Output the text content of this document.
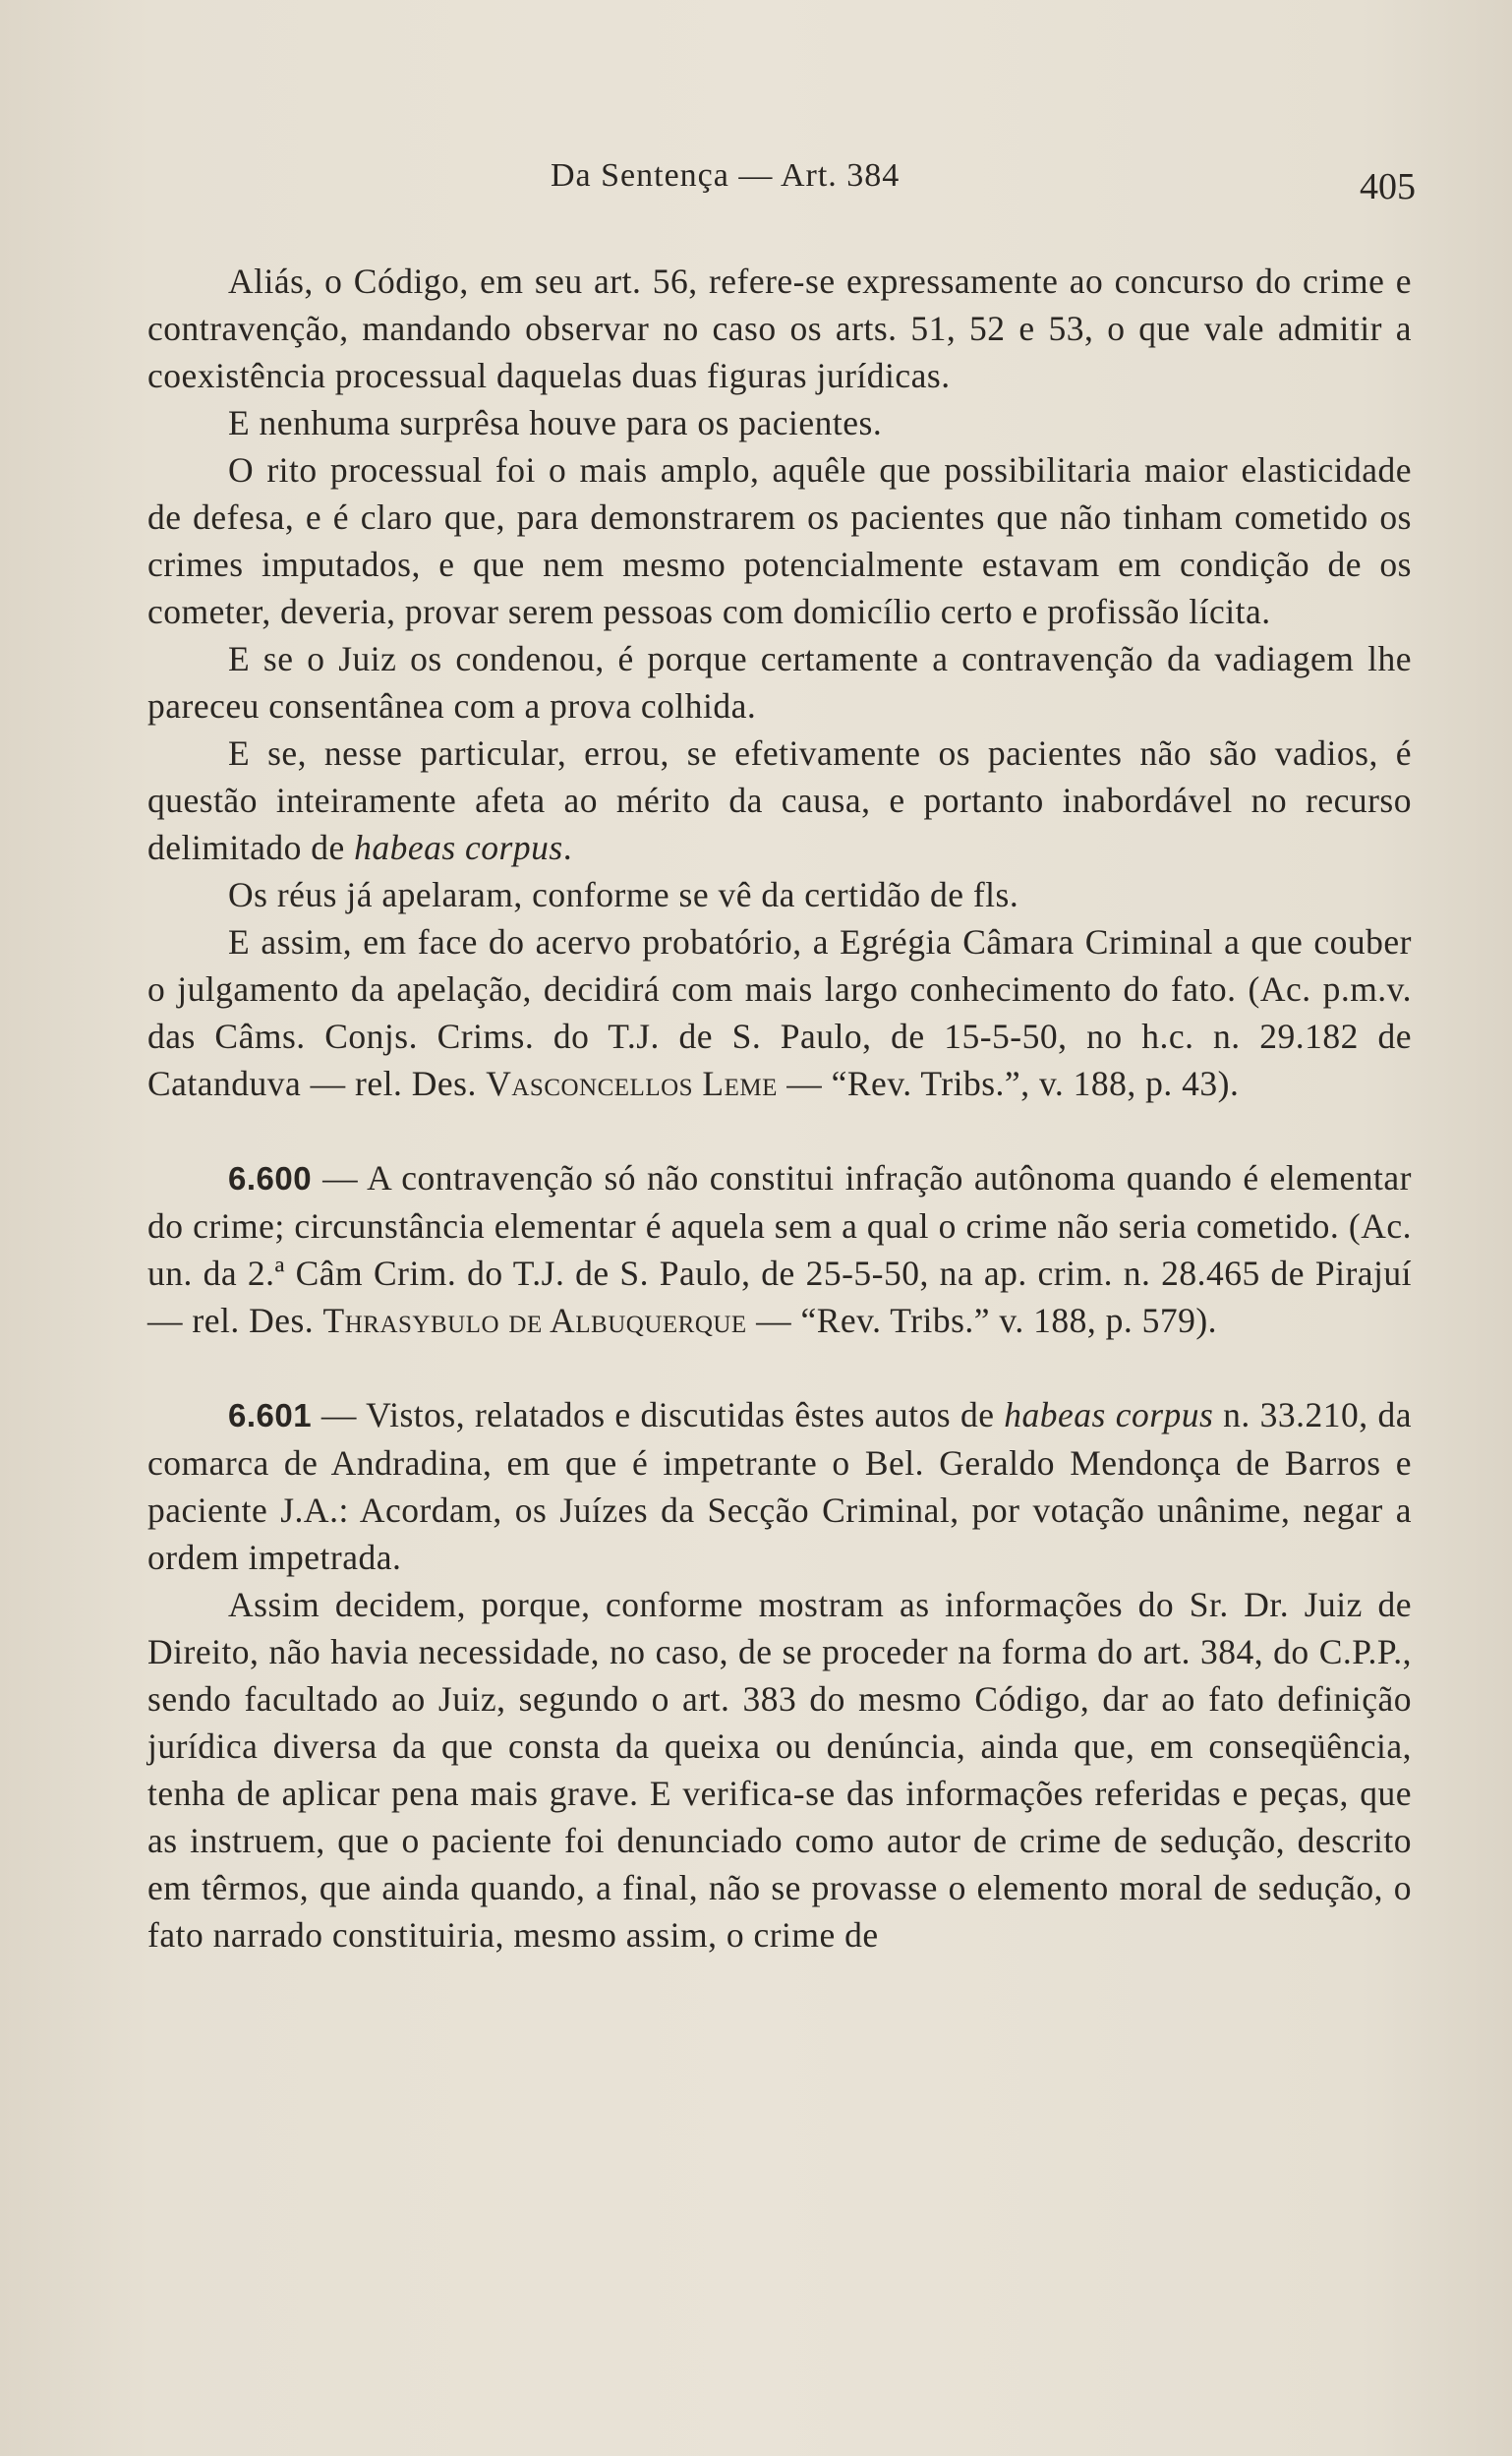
Da Sentença — Art. 384	405

Aliás, o Código, em seu art. 56, refere-se expressamente ao concurso do crime e contravenção, mandando observar no caso os arts. 51, 52 e 53, o que vale admitir a coexistência processual daquelas duas figuras jurídicas.

E nenhuma surprêsa houve para os pacientes.

O rito processual foi o mais amplo, aquêle que possibilitaria maior elasticidade de defesa, e é claro que, para demonstrarem os pacientes que não tinham cometido os crimes imputados, e que nem mesmo potencialmente estavam em condição de os cometer, deveria, provar serem pessoas com domicílio certo e profissão lícita.

E se o Juiz os condenou, é porque certamente a contravenção da vadiagem lhe pareceu consentânea com a prova colhida.

E se, nesse particular, errou, se efetivamente os pacientes não são vadios, é questão inteiramente afeta ao mérito da causa, e portanto inabordável no recurso delimitado de habeas corpus.

Os réus já apelaram, conforme se vê da certidão de fls.

E assim, em face do acervo probatório, a Egrégia Câmara Criminal a que couber o julgamento da apelação, decidirá com mais largo conhecimento do fato. (Ac. p.m.v. das Câms. Conjs. Crims. do T.J. de S. Paulo, de 15-5-50, no h.c. n. 29.182 de Catanduva — rel. Des. Vasconcellos Leme — “Rev. Tribs.”, v. 188, p. 43).

6.600 — A contravenção só não constitui infração autônoma quando é elementar do crime; circunstância elementar é aquela sem a qual o crime não seria cometido. (Ac. un. da 2.ª Câm Crim. do T.J. de S. Paulo, de 25-5-50, na ap. crim. n. 28.465 de Pirajuí — rel. Des. Thrasybulo de Albuquerque — “Rev. Tribs.” v. 188, p. 579).

6.601 — Vistos, relatados e discutidas êstes autos de habeas corpus n. 33.210, da comarca de Andradina, em que é impetrante o Bel. Geraldo Mendonça de Barros e paciente J.A.: Acordam, os Juízes da Secção Criminal, por votação unânime, negar a ordem impetrada.

Assim decidem, porque, conforme mostram as informações do Sr. Dr. Juiz de Direito, não havia necessidade, no caso, de se proceder na forma do art. 384, do C.P.P., sendo facultado ao Juiz, segundo o art. 383 do mesmo Código, dar ao fato definição jurídica diversa da que consta da queixa ou denúncia, ainda que, em conseqüência, tenha de aplicar pena mais grave. E verifica-se das informações referidas e peças, que as instruem, que o paciente foi denunciado como autor de crime de sedução, descrito em têrmos, que ainda quando, a final, não se provasse o elemento moral de sedução, o fato narrado constituiria, mesmo assim, o crime de
